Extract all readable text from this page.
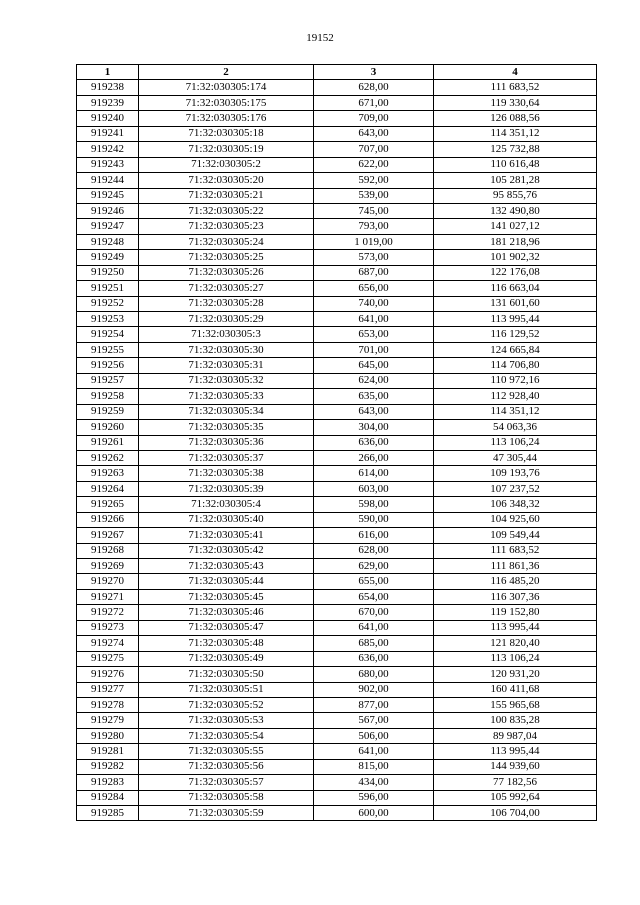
19152
1	2	3	4
919238	71:32:030305:174	628,00	111 683,52
919239	71:32:030305:175	671,00	119 330,64
919240	71:32:030305:176	709,00	126 088,56
919241	71:32:030305:18	643,00	114 351,12
919242	71:32:030305:19	707,00	125 732,88
919243	71:32:030305:2	622,00	110 616,48
919244	71:32:030305:20	592,00	105 281,28
919245	71:32:030305:21	539,00	95 855,76
919246	71:32:030305:22	745,00	132 490,80
919247	71:32:030305:23	793,00	141 027,12
919248	71:32:030305:24	1 019,00	181 218,96
919249	71:32:030305:25	573,00	101 902,32
919250	71:32:030305:26	687,00	122 176,08
919251	71:32:030305:27	656,00	116 663,04
919252	71:32:030305:28	740,00	131 601,60
919253	71:32:030305:29	641,00	113 995,44
919254	71:32:030305:3	653,00	116 129,52
919255	71:32:030305:30	701,00	124 665,84
919256	71:32:030305:31	645,00	114 706,80
919257	71:32:030305:32	624,00	110 972,16
919258	71:32:030305:33	635,00	112 928,40
919259	71:32:030305:34	643,00	114 351,12
919260	71:32:030305:35	304,00	54 063,36
919261	71:32:030305:36	636,00	113 106,24
919262	71:32:030305:37	266,00	47 305,44
919263	71:32:030305:38	614,00	109 193,76
919264	71:32:030305:39	603,00	107 237,52
919265	71:32:030305:4	598,00	106 348,32
919266	71:32:030305:40	590,00	104 925,60
919267	71:32:030305:41	616,00	109 549,44
919268	71:32:030305:42	628,00	111 683,52
919269	71:32:030305:43	629,00	111 861,36
919270	71:32:030305:44	655,00	116 485,20
919271	71:32:030305:45	654,00	116 307,36
919272	71:32:030305:46	670,00	119 152,80
919273	71:32:030305:47	641,00	113 995,44
919274	71:32:030305:48	685,00	121 820,40
919275	71:32:030305:49	636,00	113 106,24
919276	71:32:030305:50	680,00	120 931,20
919277	71:32:030305:51	902,00	160 411,68
919278	71:32:030305:52	877,00	155 965,68
919279	71:32:030305:53	567,00	100 835,28
919280	71:32:030305:54	506,00	89 987,04
919281	71:32:030305:55	641,00	113 995,44
919282	71:32:030305:56	815,00	144 939,60
919283	71:32:030305:57	434,00	77 182,56
919284	71:32:030305:58	596,00	105 992,64
919285	71:32:030305:59	600,00	106 704,00
